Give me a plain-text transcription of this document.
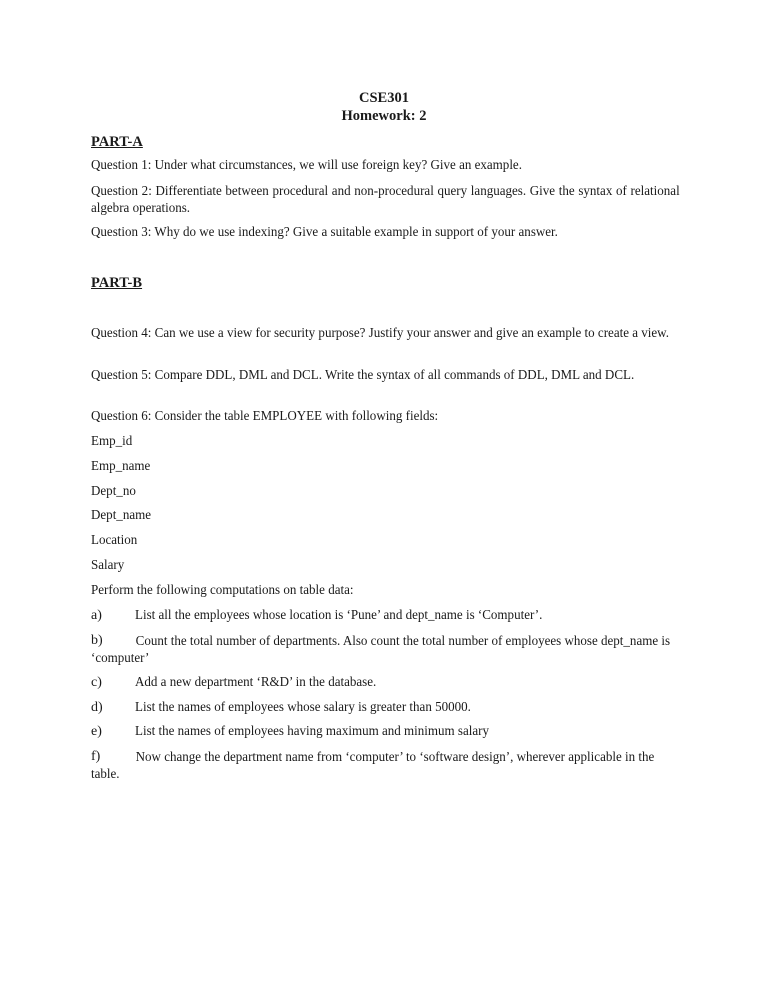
CSE301
Homework: 2
PART-A
Question 1: Under what circumstances, we will use foreign key? Give an example.
Question 2: Differentiate between procedural and non-procedural query languages. Give the syntax of relational algebra operations.
Question 3: Why do we use indexing? Give a suitable example in support of your answer.
PART-B
Question 4: Can we use a view for security purpose? Justify your answer and give an example to create a view.
Question 5: Compare DDL, DML and DCL. Write the syntax of all commands of DDL, DML and DCL.
Question 6: Consider the table EMPLOYEE with following fields:
Emp_id
Emp_name
Dept_no
Dept_name
Location
Salary
Perform the following computations on table data:
a) List all the employees whose location is ‘Pune’ and dept_name is ‘Computer’.
b)	Count the total number of departments. Also count the total number of employees whose dept_name is ‘computer’
c) Add a new department ‘R&D’ in the database.
d) List the names of employees whose salary is greater than 50000.
e) List the names of employees having maximum and minimum salary
f)	Now change the department name from ‘computer’ to ‘software design’, wherever applicable in the table.
